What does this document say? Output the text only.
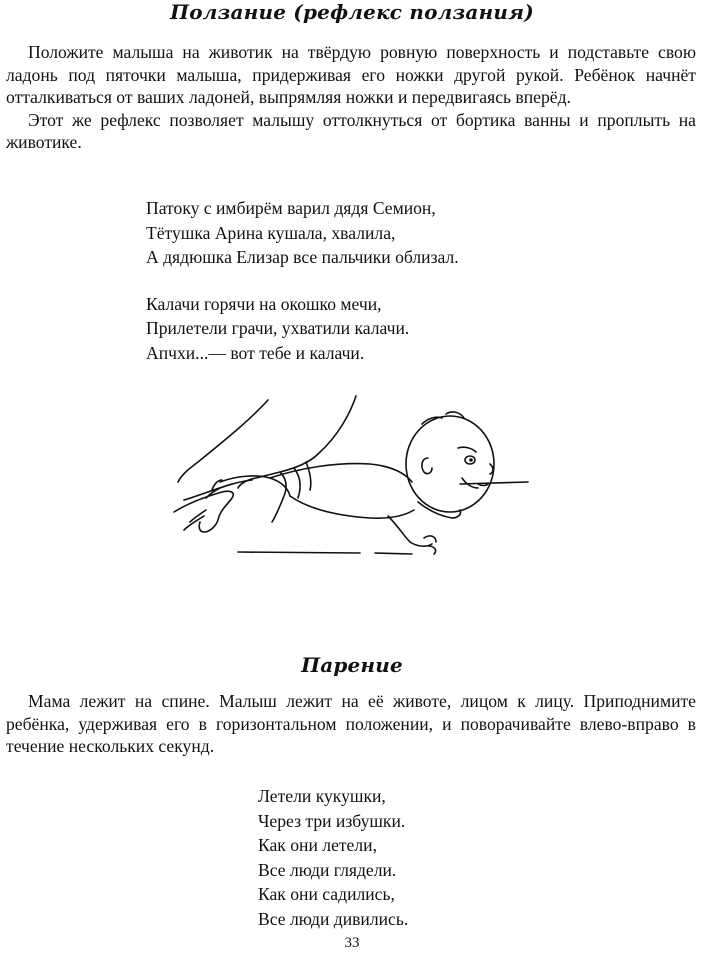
Ползание (рефлекс ползания)

Положите малыша на животик на твёрдую ровную поверхность и подставьте свою ладонь под пяточки малыша, придерживая его ножки другой рукой. Ребёнок начнёт отталкиваться от ваших ладоней, выпрямляя ножки и передвигаясь вперёд.

Этот же рефлекс позволяет малышу оттолкнуться от бортика ванны и проплыть на животике.

Патоку с имбирём варил дядя Семион,
Тётушка Арина кушала, хвалила,
А дядюшка Елизар все пальчики облизал.
Калачи горячи на окошко мечи,
Прилетели грачи, ухватили калачи.
Апчхи...— вот тебе и калачи.
Парение

Мама лежит на спине. Малыш лежит на её животе, лицом к лицу. Приподнимите ребёнка, удерживая его в горизонтальном положении, и поворачивайте влево-вправо в течение нескольких секунд.

Летели кукушки,
Через три избушки.
Как они летели,
Все люди глядели.
Как они садились,
Все люди дивились.
33
